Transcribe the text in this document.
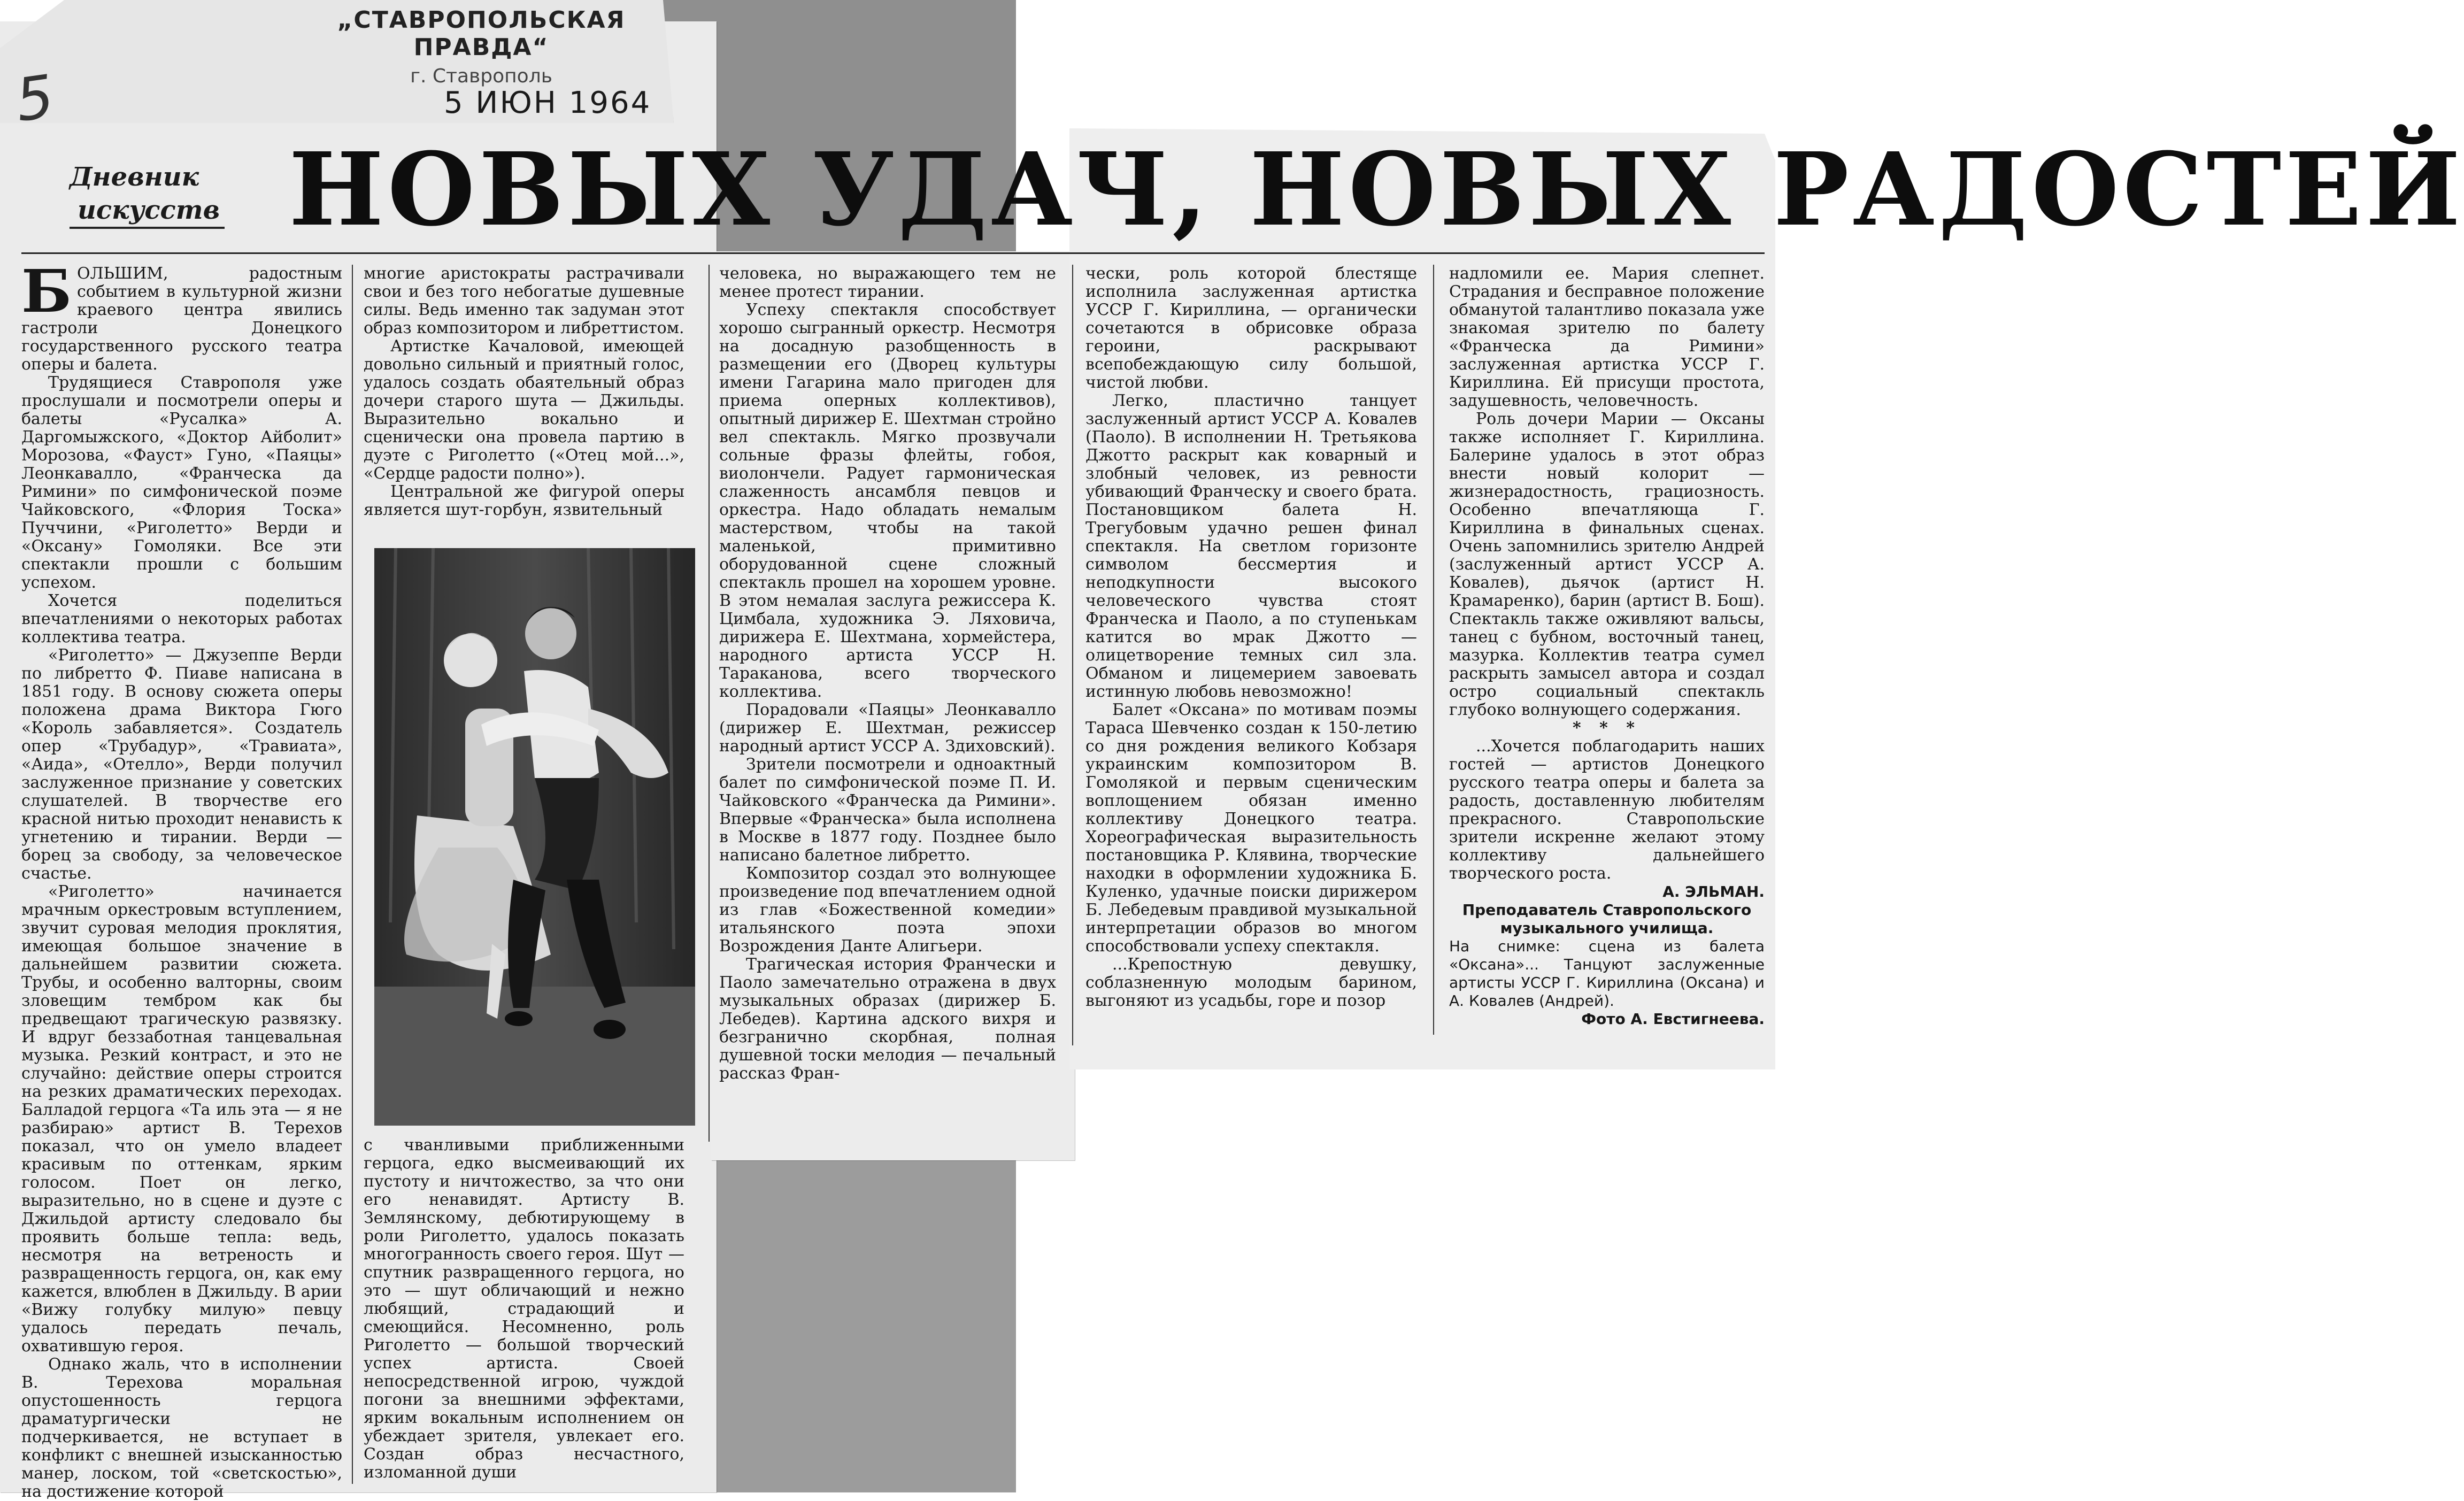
„СТАВРОПОЛЬСКАЯ ПРАВДА“
г. Ставрополь
5 ИЮН 1964
5
Дневник
искусств НОВЫХ УДАЧ, НОВЫХ РАДОСТЕЙ

БОЛЬШИМ, радостным событием в культурной жизни краевого центра явились гастроли Донецкого государственного русского театра оперы и балета.

Трудящиеся Ставрополя уже прослушали и посмотрели оперы и балеты «Русалка» А. Даргомыжского, «Доктор Айболит» Морозова, «Фауст» Гуно, «Паяцы» Леонкавалло, «Франческа да Римини» по симфонической поэме Чайковского, «Флория Тоска» Пуччини, «Риголетто» Верди и «Оксану» Гомоляки. Все эти спектакли прошли с большим успехом.

Хочется поделиться впечатлениями о некоторых работах коллектива театра.

«Риголетто» — Джузеппе Верди по либретто Ф. Пиаве написана в 1851 году. В основу сюжета оперы положена драма Виктора Гюго «Король забавляется». Создатель опер «Трубадур», «Травиата», «Аида», «Отелло», Верди получил заслуженное признание у советских слушателей. В творчестве его красной нитью проходит ненависть к угнетению и тирании. Верди — борец за свободу, за человеческое счастье.

«Риголетто» начинается мрачным оркестровым вступлением, звучит суровая мелодия проклятия, имеющая большое значение в дальнейшем развитии сюжета. Трубы, и особенно валторны, своим зловещим тембром как бы предвещают трагическую развязку. И вдруг беззаботная танцевальная музыка. Резкий контраст, и это не случайно: действие оперы строится на резких драматических переходах. Балладой герцога «Та иль эта — я не разбираю» артист В. Терехов показал, что он умело владеет красивым по оттенкам, ярким голосом. Поет он легко, выразительно, но в сцене и дуэте с Джильдой артисту следовало бы проявить больше тепла: ведь, несмотря на ветреность и развращенность герцога, он, как ему кажется, влюблен в Джильду. В арии «Вижу голубку милую» певцу удалось передать печаль, охватившую героя.

Однако жаль, что в исполнении В. Терехова моральная опустошенность герцога драматургически не подчеркивается, не вступает в конфликт с внешней изысканностью манер, лоском, той «светскостью», на достижение которой

многие аристократы растрачивали свои и без того небогатые душевные силы. Ведь именно так задуман этот образ композитором и либреттистом.

Артистке Качаловой, имеющей довольно сильный и приятный голос, удалось создать обаятельный образ дочери старого шута — Джильды. Выразительно вокально и сценически она провела партию в дуэте с Риголетто («Отец мой...», «Сердце радости полно»).

Центральной же фигурой оперы является шут-горбун, язвительный

с чванливыми приближенными герцога, едко высмеивающий их пустоту и ничтожество, за что они его ненавидят. Артисту В. Землянскому, дебютирующему в роли Риголетто, удалось показать многогранность своего героя. Шут — спутник развращенного герцога, но это — шут обличающий и нежно любящий, страдающий и смеющийся. Несомненно, роль Риголетто — большой творческий успех артиста. Своей непосредственной игрою, чуждой погони за внешними эффектами, ярким вокальным исполнением он убеждает зрителя, увлекает его. Создан образ несчастного, изломанной души

человека, но выражающего тем не менее протест тирании.

Успеху спектакля способствует хорошо сыгранный оркестр. Несмотря на досадную разобщенность в размещении его (Дворец культуры имени Гагарина мало пригоден для приема оперных коллективов), опытный дирижер Е. Шехтман стройно вел спектакль. Мягко прозвучали сольные фразы флейты, гобоя, виолончели. Радует гармоническая слаженность ансамбля певцов и оркестра. Надо обладать немалым мастерством, чтобы на такой маленькой, примитивно оборудованной сцене сложный спектакль прошел на хорошем уровне. В этом немалая заслуга режиссера К. Цимбала, художника Э. Ляховича, дирижера Е. Шехтмана, хормейстера, народного артиста УССР Н. Тараканова, всего творческого коллектива.

Порадовали «Паяцы» Леонкавалло (дирижер Е. Шехтман, режиссер народный артист УССР А. Здиховский).

Зрители посмотрели и одноактный балет по симфонической поэме П. И. Чайковского «Франческа да Римини». Впервые «Франческа» была исполнена в Москве в 1877 году. Позднее было написано балетное либретто.

Композитор создал это волнующее произведение под впечатлением одной из глав «Божественной комедии» итальянского поэта эпохи Возрождения Данте Алигьери.

Трагическая история Франчески и Паоло замечательно отражена в двух музыкальных образах (дирижер Б. Лебедев). Картина адского вихря и безгранично скорбная, полная душевной тоски мелодия — печальный рассказ Фран-

чески, роль которой блестяще исполнила заслуженная артистка УССР Г. Кириллина, — органически сочетаются в обрисовке образа героини, раскрывают всепобеждающую силу большой, чистой любви.

Легко, пластично танцует заслуженный артист УССР А. Ковалев (Паоло). В исполнении Н. Третьякова Джотто раскрыт как коварный и злобный человек, из ревности убивающий Франческу и своего брата. Постановщиком балета Н. Трегубовым удачно решен финал спектакля. На светлом горизонте символом бессмертия и неподкупности высокого человеческого чувства стоят Франческа и Паоло, а по ступенькам катится во мрак Джотто — олицетворение темных сил зла. Обманом и лицемерием завоевать истинную любовь невозможно!

Балет «Оксана» по мотивам поэмы Тараса Шевченко создан к 150-летию со дня рождения великого Кобзаря украинским композитором В. Гомолякой и первым сценическим воплощением обязан именно коллективу Донецкого театра. Хореографическая выразительность постановщика Р. Клявина, творческие находки в оформлении художника Б. Куленко, удачные поиски дирижером Б. Лебедевым правдивой музыкальной интерпретации образов во многом способствовали успеху спектакля.

...Крепостную девушку, соблазненную молодым барином, выгоняют из усадьбы, горе и позор

надломили ее. Мария слепнет. Страдания и бесправное положение обманутой талантливо показала уже знакомая зрителю по балету «Франческа да Римини» заслуженная артистка УССР Г. Кириллина. Ей присущи простота, задушевность, человечность.

Роль дочери Марии — Оксаны также исполняет Г. Кириллина. Балерине удалось в этот образ внести новый колорит — жизнерадостность, грациозность. Особенно впечатляюща Г. Кириллина в финальных сценах. Очень запомнились зрителю Андрей (заслуженный артист УССР А. Ковалев), дьячок (артист Н. Крамаренко), барин (артист В. Бош). Спектакль также оживляют вальсы, танец с бубном, восточный танец, мазурка. Коллектив театра сумел раскрыть замысел автора и создал остро социальный спектакль глубоко волнующего содержания.

* * *

...Хочется поблагодарить наших гостей — артистов Донецкого русского театра оперы и балета за радость, доставленную любителям прекрасного. Ставропольские зрители искренне желают этому коллективу дальнейшего творческого роста.

А. ЭЛЬМАН.

Преподаватель Ставропольского музыкального училища.

На снимке: сцена из балета «Оксана»... Танцуют заслуженные артисты УССР Г. Кириллина (Оксана) и А. Ковалев (Андрей).

Фото А. Евстигнеева.
